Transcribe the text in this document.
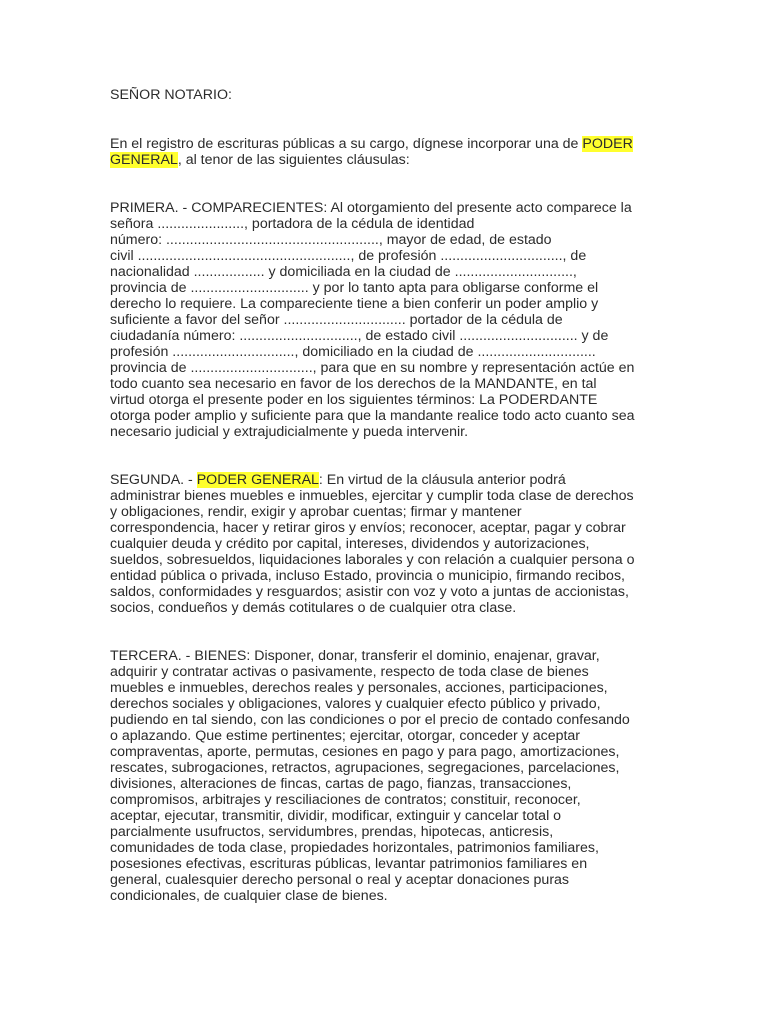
SEÑOR NOTARIO:
En el registro de escrituras públicas a su cargo, dígnese incorporar una de PODER
GENERAL, al tenor de las siguientes cláusulas:
PRIMERA. - COMPARECIENTES: Al otorgamiento del presente acto comparece la
señora ......................, portadora de la cédula de identidad
número: ......................................................, mayor de edad, de estado
civil ......................................................, de profesión ..............................., de
nacionalidad .................. y domiciliada en la ciudad de ..............................,
provincia de .............................. y por lo tanto apta para obligarse conforme el
derecho lo requiere. La compareciente tiene a bien conferir un poder amplio y
suficiente a favor del señor ............................... portador de la cédula de
ciudadanía número: .............................., de estado civil .............................. y de
profesión ..............................., domiciliado en la ciudad de ..............................
provincia de ..............................., para que en su nombre y representación actúe en
todo cuanto sea necesario en favor de los derechos de la MANDANTE, en tal
virtud otorga el presente poder en los siguientes términos: La PODERDANTE
otorga poder amplio y suficiente para que la mandante realice todo acto cuanto sea
necesario judicial y extrajudicialmente y pueda intervenir.
SEGUNDA. - PODER GENERAL: En virtud de la cláusula anterior podrá
administrar bienes muebles e inmuebles, ejercitar y cumplir toda clase de derechos
y obligaciones, rendir, exigir y aprobar cuentas; firmar y mantener
correspondencia, hacer y retirar giros y envíos; reconocer, aceptar, pagar y cobrar
cualquier deuda y crédito por capital, intereses, dividendos y autorizaciones,
sueldos, sobresueldos, liquidaciones laborales y con relación a cualquier persona o
entidad pública o privada, incluso Estado, provincia o municipio, firmando recibos,
saldos, conformidades y resguardos; asistir con voz y voto a juntas de accionistas,
socios, condueños y demás cotitulares o de cualquier otra clase.
TERCERA. - BIENES: Disponer, donar, transferir el dominio, enajenar, gravar,
adquirir y contratar activas o pasivamente, respecto de toda clase de bienes
muebles e inmuebles, derechos reales y personales, acciones, participaciones,
derechos sociales y obligaciones, valores y cualquier efecto público y privado,
pudiendo en tal siendo, con las condiciones o por el precio de contado confesando
o aplazando. Que estime pertinentes; ejercitar, otorgar, conceder y aceptar
compraventas, aporte, permutas, cesiones en pago y para pago, amortizaciones,
rescates, subrogaciones, retractos, agrupaciones, segregaciones, parcelaciones,
divisiones, alteraciones de fincas, cartas de pago, fianzas, transacciones,
compromisos, arbitrajes y resciliaciones de contratos; constituir, reconocer,
aceptar, ejecutar, transmitir, dividir, modificar, extinguir y cancelar total o
parcialmente usufructos, servidumbres, prendas, hipotecas, anticresis,
comunidades de toda clase, propiedades horizontales, patrimonios familiares,
posesiones efectivas, escrituras públicas, levantar patrimonios familiares en
general, cualesquier derecho personal o real y aceptar donaciones puras
condicionales, de cualquier clase de bienes.
